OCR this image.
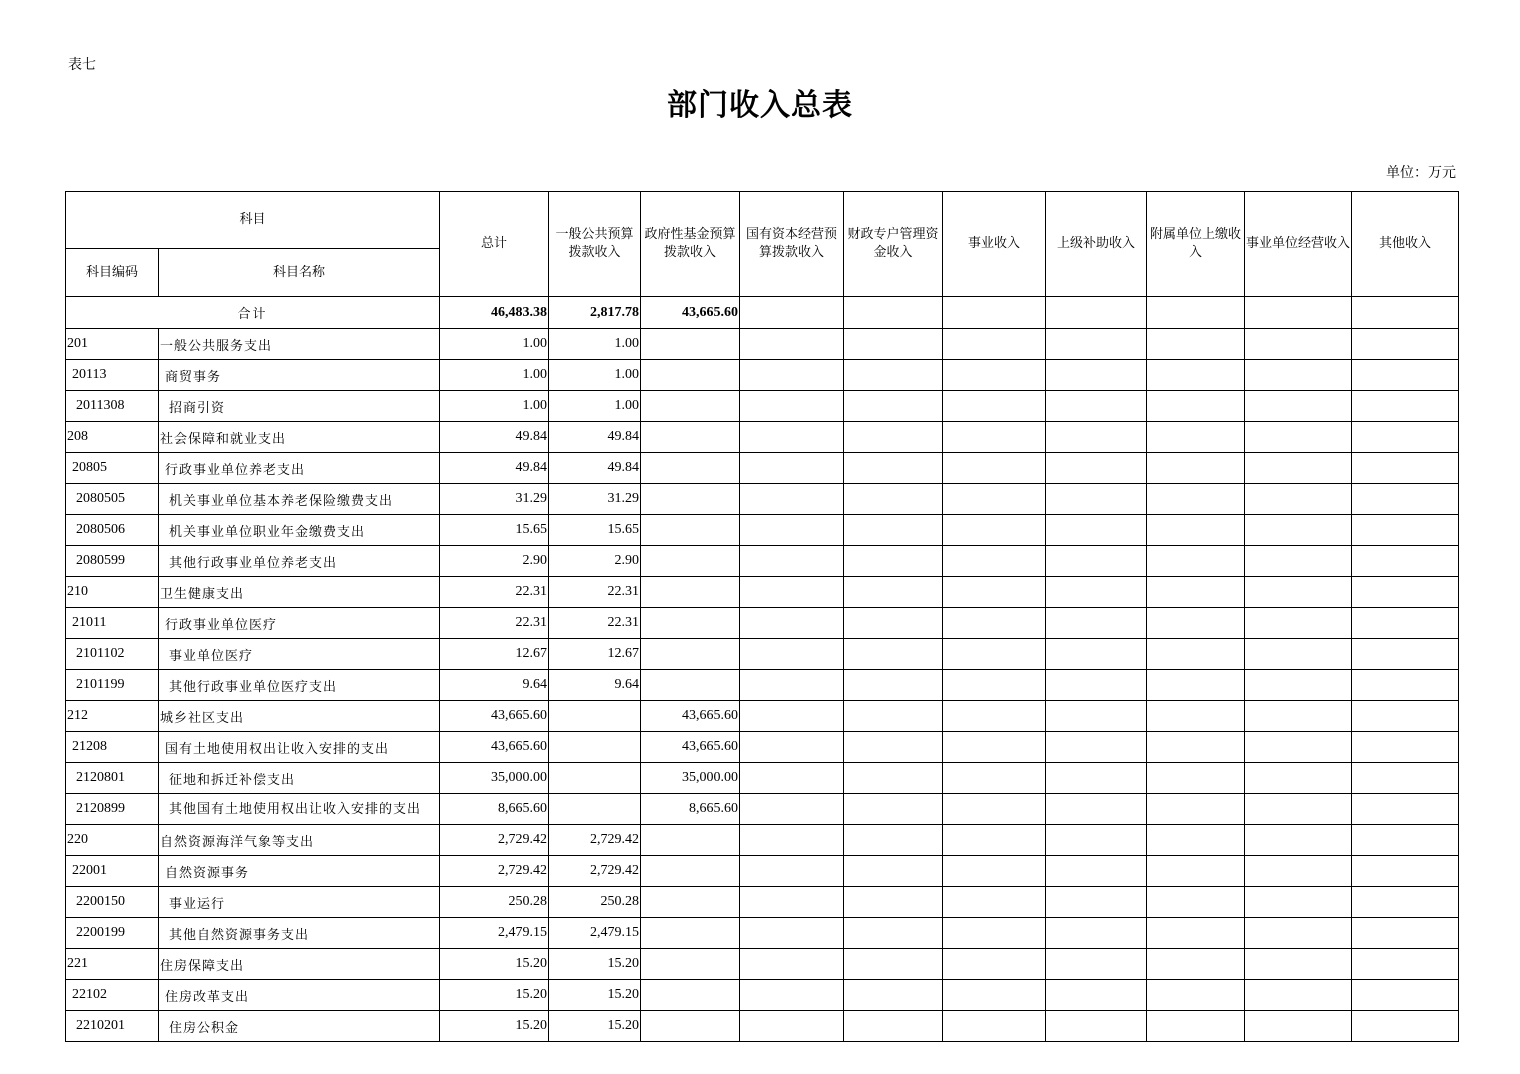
表七
部门收入总表
单位：万元
科目		总计	一般公共预算拨款收入	政府性基金预算拨款收入	国有资本经营预算拨款收入	财政专户管理资金收入	事业收入	上级补助收入	附属单位上缴收入	事业单位经营收入	其他收入
科目编码	科目名称										
合计		46,483.38	2,817.78	43,665.60							
201	一般公共服务支出	1.00	1.00								
20113	商贸事务	1.00	1.00								
2011308	招商引资	1.00	1.00								
208	社会保障和就业支出	49.84	49.84								
20805	行政事业单位养老支出	49.84	49.84								
2080505	机关事业单位基本养老保险缴费支出	31.29	31.29								
2080506	机关事业单位职业年金缴费支出	15.65	15.65								
2080599	其他行政事业单位养老支出	2.90	2.90								
210	卫生健康支出	22.31	22.31								
21011	行政事业单位医疗	22.31	22.31								
2101102	事业单位医疗	12.67	12.67								
2101199	其他行政事业单位医疗支出	9.64	9.64								
212	城乡社区支出	43,665.60		43,665.60							
21208	国有土地使用权出让收入安排的支出	43,665.60		43,665.60							
2120801	征地和拆迁补偿支出	35,000.00		35,000.00							
2120899	其他国有土地使用权出让收入安排的支出	8,665.60		8,665.60							
220	自然资源海洋气象等支出	2,729.42	2,729.42								
22001	自然资源事务	2,729.42	2,729.42								
2200150	事业运行	250.28	250.28								
2200199	其他自然资源事务支出	2,479.15	2,479.15								
221	住房保障支出	15.20	15.20								
22102	住房改革支出	15.20	15.20								
2210201	住房公积金	15.20	15.20								
